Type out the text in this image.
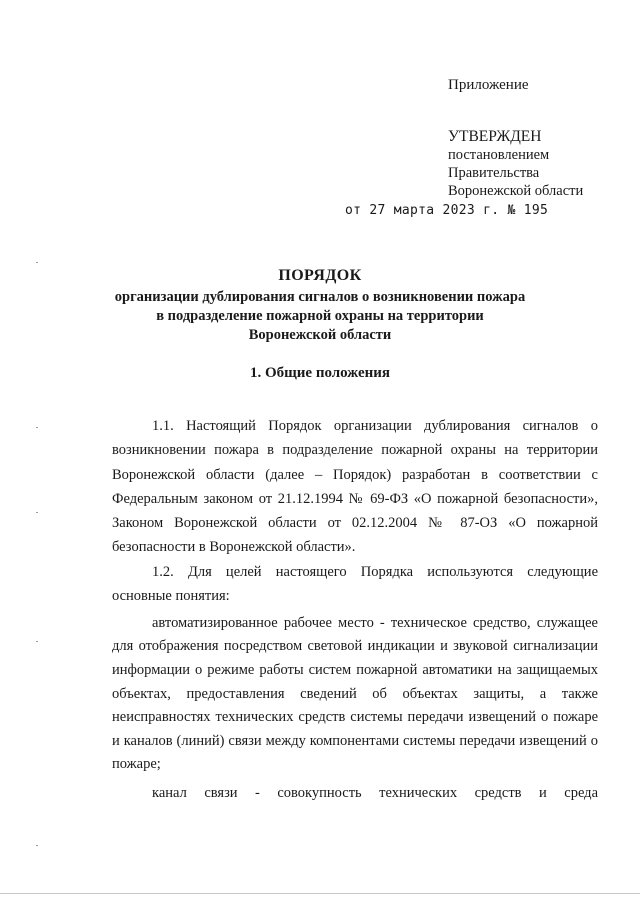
Приложение
УТВЕРЖДЕН
постановлением
Правительства
Воронежской области
от 27 марта 2023 г. № 195
ПОРЯДОК
организации дублирования сигналов о возникновении пожара
в подразделение пожарной охраны на территории
Воронежской области
1. Общие положения

1.1. Настоящий Порядок организации дублирования сигналов о возникновении пожара в подразделение пожарной охраны на территории Воронежской области (далее – Порядок) разработан в соответствии с Федеральным законом от 21.12.1994 № 69-ФЗ «О пожарной безопасности», Законом Воронежской области от 02.12.2004 № 87-ОЗ «О пожарной безопасности в Воронежской области».

1.2. Для целей настоящего Порядка используются следующие основные понятия:

автоматизированное рабочее место - техническое средство, служащее для отображения посредством световой индикации и звуковой сигнализации информации о режиме работы систем пожарной автоматики на защищаемых объектах, предоставления сведений об объектах защиты, а также неисправностях технических средств системы передачи извещений о пожаре и каналов (линий) связи между компонентами системы передачи извещений о пожаре;

канал связи - совокупность технических средств и среда
